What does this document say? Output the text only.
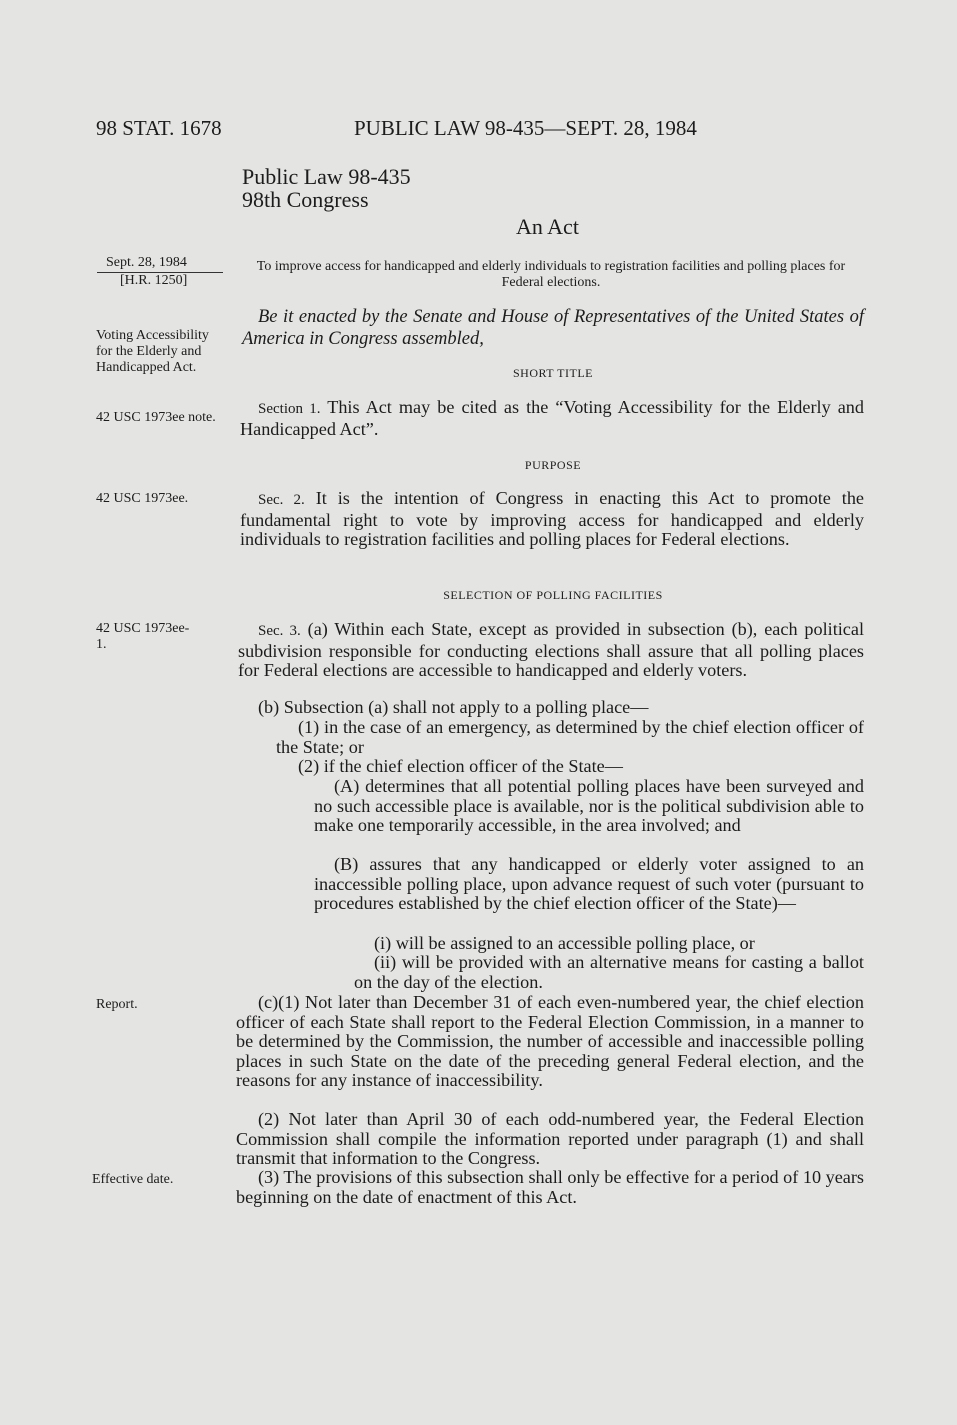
98 STAT. 1678	PUBLIC LAW 98-435—SEPT. 28, 1984
Public Law 98-435
98th Congress
An Act
To improve access for handicapped and elderly individuals to registration facilities and polling places for Federal elections.
Sept. 28, 1984
[H.R. 1250]
Voting Accessibility for the Elderly and Handicapped Act.
42 USC 1973ee note.
42 USC 1973ee.
42 USC 1973ee-1.
Report.
Effective date.
Be it enacted by the Senate and House of Representatives of the United States of America in Congress assembled,
SHORT TITLE
Section 1. This Act may be cited as the “Voting Accessibility for the Elderly and Handicapped Act”.
PURPOSE
Sec. 2. It is the intention of Congress in enacting this Act to promote the fundamental right to vote by improving access for handicapped and elderly individuals to registration facilities and polling places for Federal elections.
SELECTION OF POLLING FACILITIES
Sec. 3. (a) Within each State, except as provided in subsection (b), each political subdivision responsible for conducting elections shall assure that all polling places for Federal elections are accessible to handicapped and elderly voters.
(b) Subsection (a) shall not apply to a polling place—
(1) in the case of an emergency, as determined by the chief election officer of the State; or
(2) if the chief election officer of the State—
(A) determines that all potential polling places have been surveyed and no such accessible place is available, nor is the political subdivision able to make one temporarily accessible, in the area involved; and
(B) assures that any handicapped or elderly voter assigned to an inaccessible polling place, upon advance request of such voter (pursuant to procedures established by the chief election officer of the State)—
(i) will be assigned to an accessible polling place, or
(ii) will be provided with an alternative means for casting a ballot on the day of the election.
(c)(1) Not later than December 31 of each even-numbered year, the chief election officer of each State shall report to the Federal Election Commission, in a manner to be determined by the Commission, the number of accessible and inaccessible polling places in such State on the date of the preceding general Federal election, and the reasons for any instance of inaccessibility.
(2) Not later than April 30 of each odd-numbered year, the Federal Election Commission shall compile the information reported under paragraph (1) and shall transmit that information to the Congress.
(3) The provisions of this subsection shall only be effective for a period of 10 years beginning on the date of enactment of this Act.
